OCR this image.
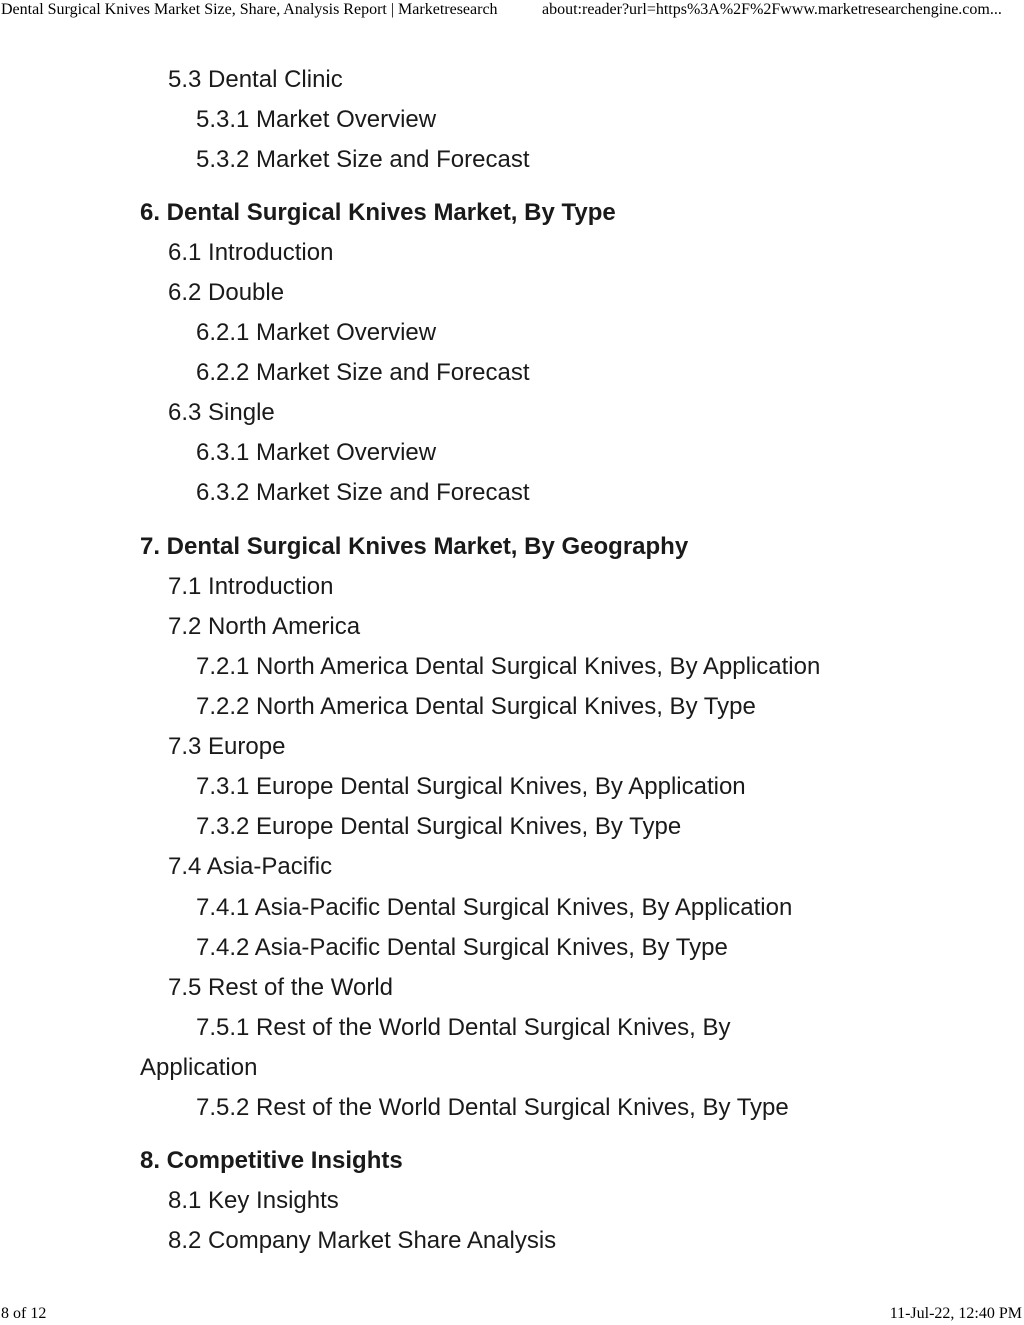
Dental Surgical Knives Market Size, Share, Analysis Report | Marketresearch	about:reader?url=https%3A%2F%2Fwww.marketresearchengine.com...
5.3 Dental Clinic
5.3.1 Market Overview
5.3.2 Market Size and Forecast
6. Dental Surgical Knives Market, By Type
6.1 Introduction
6.2 Double
6.2.1 Market Overview
6.2.2 Market Size and Forecast
6.3 Single
6.3.1 Market Overview
6.3.2 Market Size and Forecast
7. Dental Surgical Knives Market, By Geography
7.1 Introduction
7.2 North America
7.2.1 North America Dental Surgical Knives, By Application
7.2.2 North America Dental Surgical Knives, By Type
7.3 Europe
7.3.1 Europe Dental Surgical Knives, By Application
7.3.2 Europe Dental Surgical Knives, By Type
7.4 Asia-Pacific
7.4.1 Asia-Pacific Dental Surgical Knives, By Application
7.4.2 Asia-Pacific Dental Surgical Knives, By Type
7.5 Rest of the World
7.5.1 Rest of the World Dental Surgical Knives, By
Application
7.5.2 Rest of the World Dental Surgical Knives, By Type
8. Competitive Insights
8.1 Key Insights
8.2 Company Market Share Analysis
8 of 12	11-Jul-22, 12:40 PM
